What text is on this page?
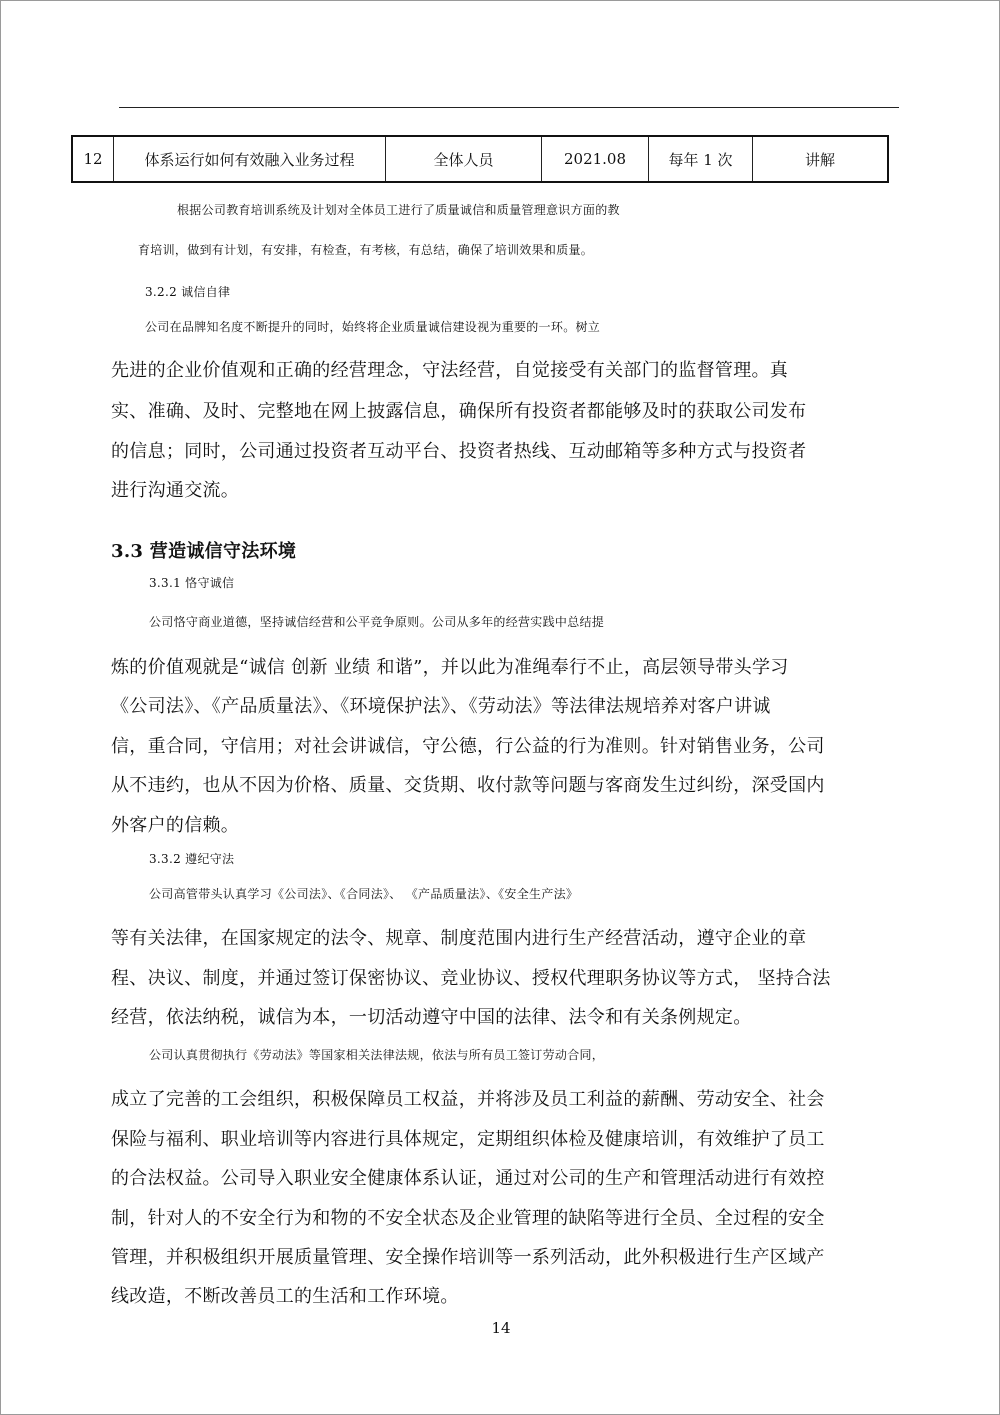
12	体系运行如何有效融入业务过程	全体人员	2021.08	每年 1 次	讲解
根据公司教育培训系统及计划对全体员工进行了质量诚信和质量管理意识方面的教
育培训，做到有计划，有安排，有检查，有考核，有总结，确保了培训效果和质量。
3.2.2 诚信自律
公司在品牌知名度不断提升的同时，始终将企业质量诚信建设视为重要的一环。树立
先进的企业价值观和正确的经营理念，守法经营，自觉接受有关部门的监督管理。真
实、准确、及时、完整地在网上披露信息，确保所有投资者都能够及时的获取公司发布
的信息；同时，公司通过投资者互动平台、投资者热线、互动邮箱等多种方式与投资者
进行沟通交流。
3.3 营造诚信守法环境
3.3.1 恪守诚信
公司恪守商业道德，坚持诚信经营和公平竞争原则。公司从多年的经营实践中总结提
炼的价值观就是“诚信 创新 业绩 和谐”，并以此为准绳奉行不止，高层领导带头学习
《公司法》、《产品质量法》、《环境保护法》、《劳动法》等法律法规培养对客户讲诚
信，重合同，守信用；对社会讲诚信，守公德，行公益的行为准则。针对销售业务，公司
从不违约，也从不因为价格、质量、交货期、收付款等问题与客商发生过纠纷，深受国内
外客户的信赖。
3.3.2 遵纪守法
公司高管带头认真学习《公司法》、《合同法》、 《产品质量法》、《安全生产法》
等有关法律，在国家规定的法令、规章、制度范围内进行生产经营活动，遵守企业的章
程、决议、制度，并通过签订保密协议、竞业协议、授权代理职务协议等方式， 坚持合法
经营，依法纳税，诚信为本，一切活动遵守中国的法律、法令和有关条例规定。
公司认真贯彻执行《劳动法》等国家相关法律法规，依法与所有员工签订劳动合同，
成立了完善的工会组织，积极保障员工权益，并将涉及员工利益的薪酬、劳动安全、社会
保险与福利、职业培训等内容进行具体规定，定期组织体检及健康培训，有效维护了员工
的合法权益。公司导入职业安全健康体系认证，通过对公司的生产和管理活动进行有效控
制，针对人的不安全行为和物的不安全状态及企业管理的缺陷等进行全员、全过程的安全
管理，并积极组织开展质量管理、安全操作培训等一系列活动，此外积极进行生产区域产
线改造，不断改善员工的生活和工作环境。
14
